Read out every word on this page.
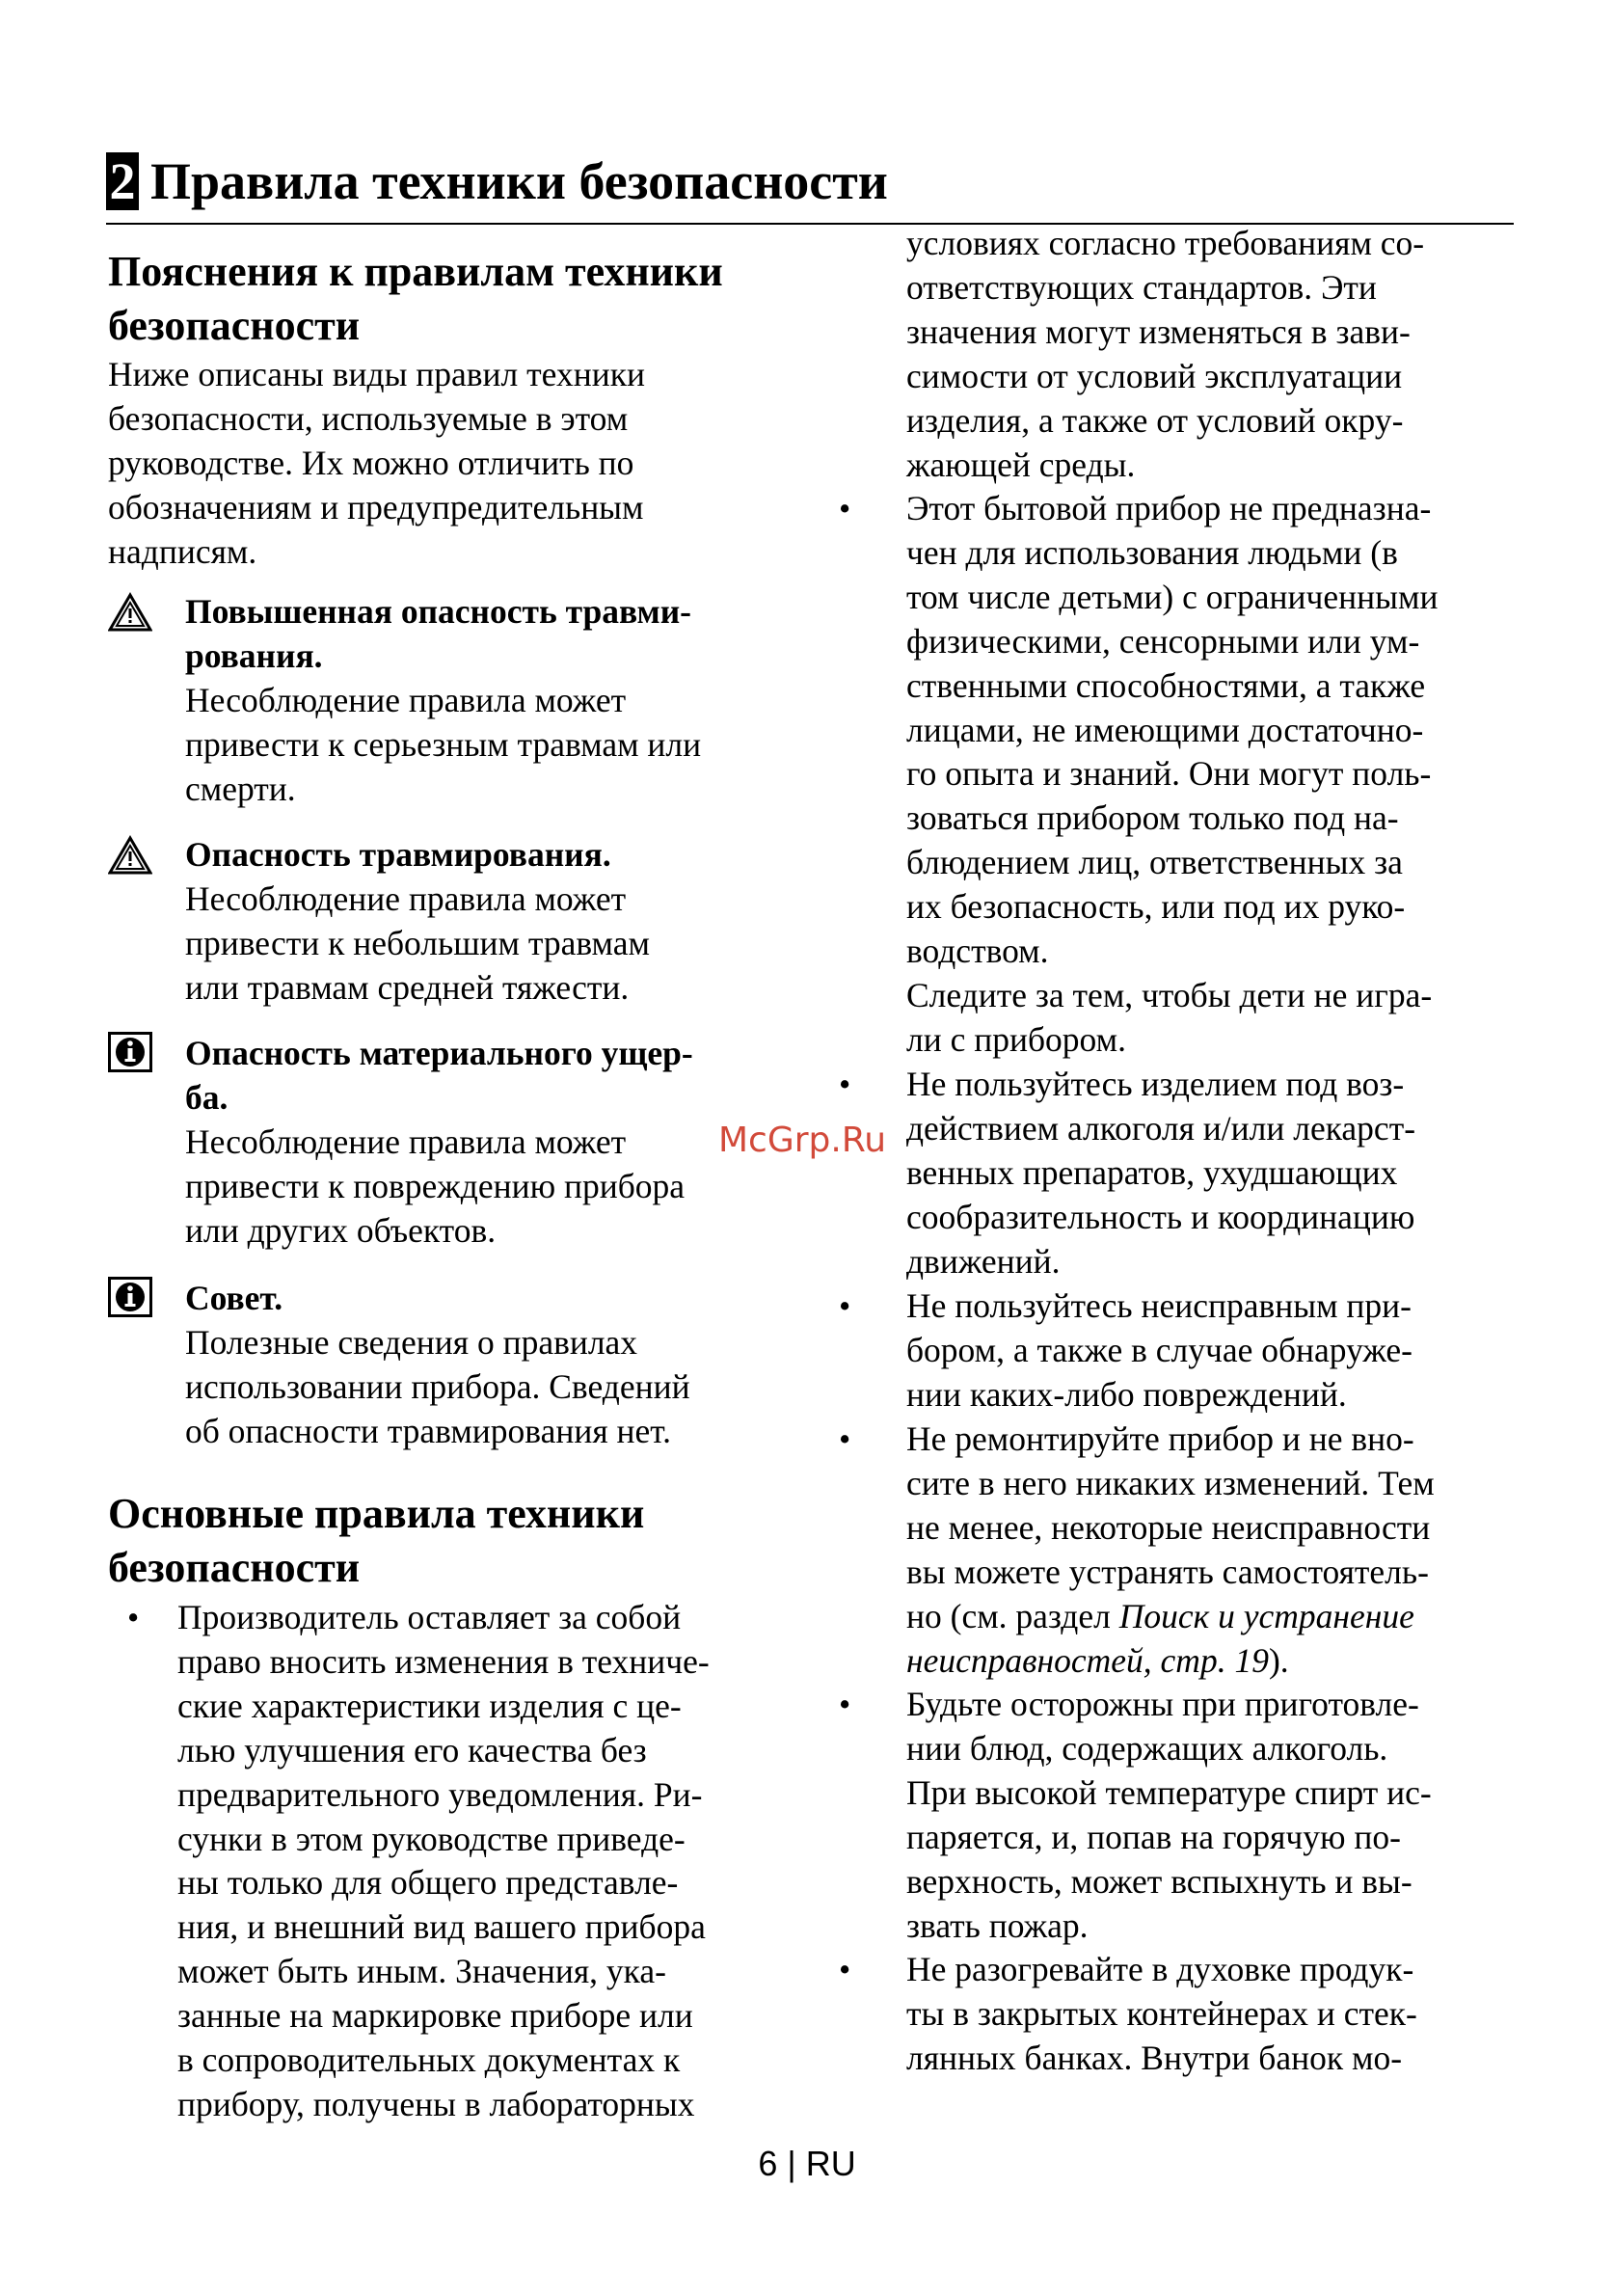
2 Правила техники безопасности
Пояснения к правилам техники
безопасности
Ниже описаны виды правил техники
безопасности, используемые в этом
руководстве. Их можно отличить по
обозначениям и предупредительным
надписям.
Повышенная опасность травми-
рования.
Несоблюдение правила может
привести к серьезным травмам или
смерти.
Опасность травмирования.
Несоблюдение правила может
привести к небольшим травмам
или травмам средней тяжести.
Опасность материального ущер-
ба.
Несоблюдение правила может
привести к повреждению прибора
или других объектов.
Совет.
Полезные сведения о правилах
использовании прибора. Сведений
об опасности травмирования нет.
Основные правила техники
безопасности
• Производитель оставляет за собой
право вносить изменения в техниче-
ские характеристики изделия с це-
лью улучшения его качества без
предварительного уведомления. Ри-
сунки в этом руководстве приведе-
ны только для общего представле-
ния, и внешний вид вашего прибора
может быть иным. Значения, ука-
занные на маркировке приборе или
в сопроводительных документах к
прибору, получены в лабораторных
условиях согласно требованиям со-
ответствующих стандартов. Эти
значения могут изменяться в зави-
симости от условий эксплуатации
изделия, а также от условий окру-
жающей среды.
• Этот бытовой прибор не предназна-
чен для использования людьми (в
том числе детьми) с ограниченными
физическими, сенсорными или ум-
ственными способностями, а также
лицами, не имеющими достаточно-
го опыта и знаний. Они могут поль-
зоваться прибором только под на-
блюдением лиц, ответственных за
их безопасность, или под их руко-
водством.
Следите за тем, чтобы дети не игра-
ли с прибором.
• Не пользуйтесь изделием под воз-
действием алкоголя и/или лекарст-
венных препаратов, ухудшающих
сообразительность и координацию
движений.
• Не пользуйтесь неисправным при-
бором, а также в случае обнаруже-
нии каких-либо повреждений.
• Не ремонтируйте прибор и не вно-
сите в него никаких изменений. Тем
не менее, некоторые неисправности
вы можете устранять самостоятель-
но (см. раздел Поиск и устранение
неисправностей, стр. 19).
• Будьте осторожны при приготовле-
нии блюд, содержащих алкоголь.
При высокой температуре спирт ис-
паряется, и, попав на горячую по-
верхность, может вспыхнуть и вы-
звать пожар.
• Не разогревайте в духовке продук-
ты в закрытых контейнерах и стек-
лянных банках. Внутри банок мо-
McGrp.Ru
6 | RU
